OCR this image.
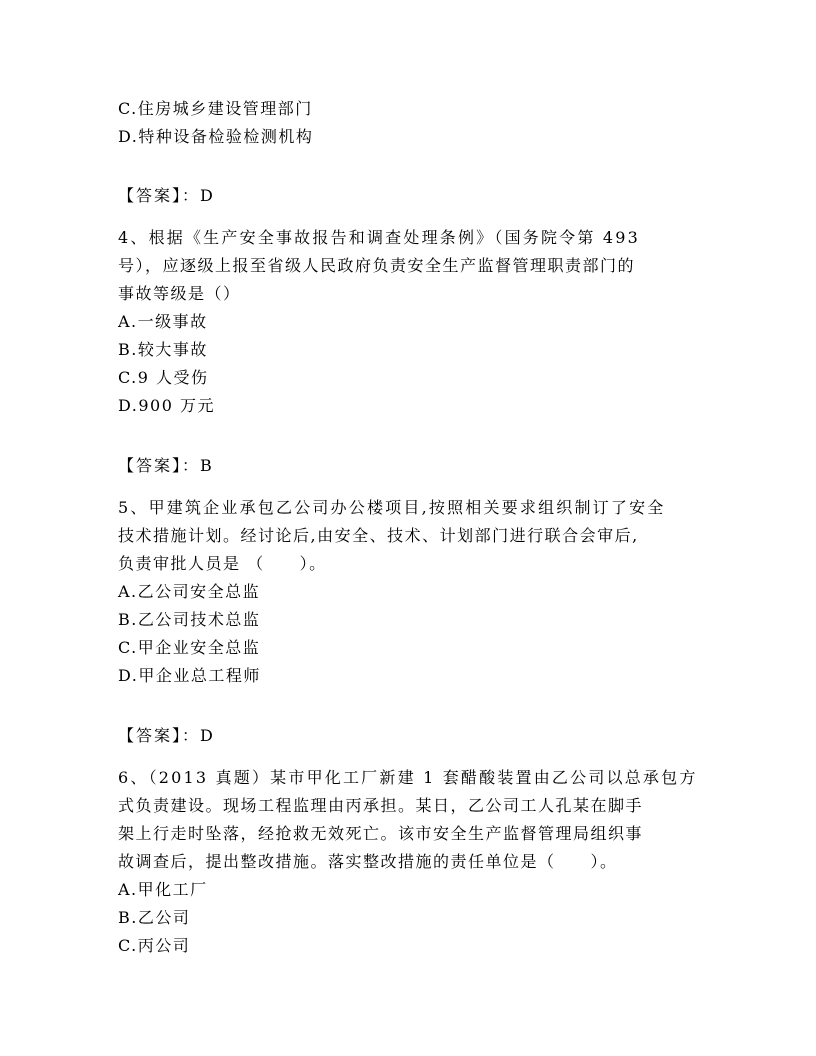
C.住房城乡建设管理部门
D.特种设备检验检测机构
【答案】：D
4、根据《生产安全事故报告和调查处理条例》（国务院令第 493
号），应逐级上报至省级人民政府负责安全生产监督管理职责部门的
事故等级是（）
A.一级事故
B.较大事故
C.9 人受伤
D.900 万元
【答案】：B
5、甲建筑企业承包乙公司办公楼项目,按照相关要求组织制订了安全
技术措施计划。经讨论后,由安全、技术、计划部门进行联合会审后,
负责审批人员是 （　　）。
A.乙公司安全总监
B.乙公司技术总监
C.甲企业安全总监
D.甲企业总工程师
【答案】：D
6、（2013 真题）某市甲化工厂新建 1 套醋酸装置由乙公司以总承包方
式负责建设。现场工程监理由丙承担。某日，乙公司工人孔某在脚手
架上行走时坠落，经抢救无效死亡。该市安全生产监督管理局组织事
故调查后，提出整改措施。落实整改措施的责任单位是（　　）。
A.甲化工厂
B.乙公司
C.丙公司
